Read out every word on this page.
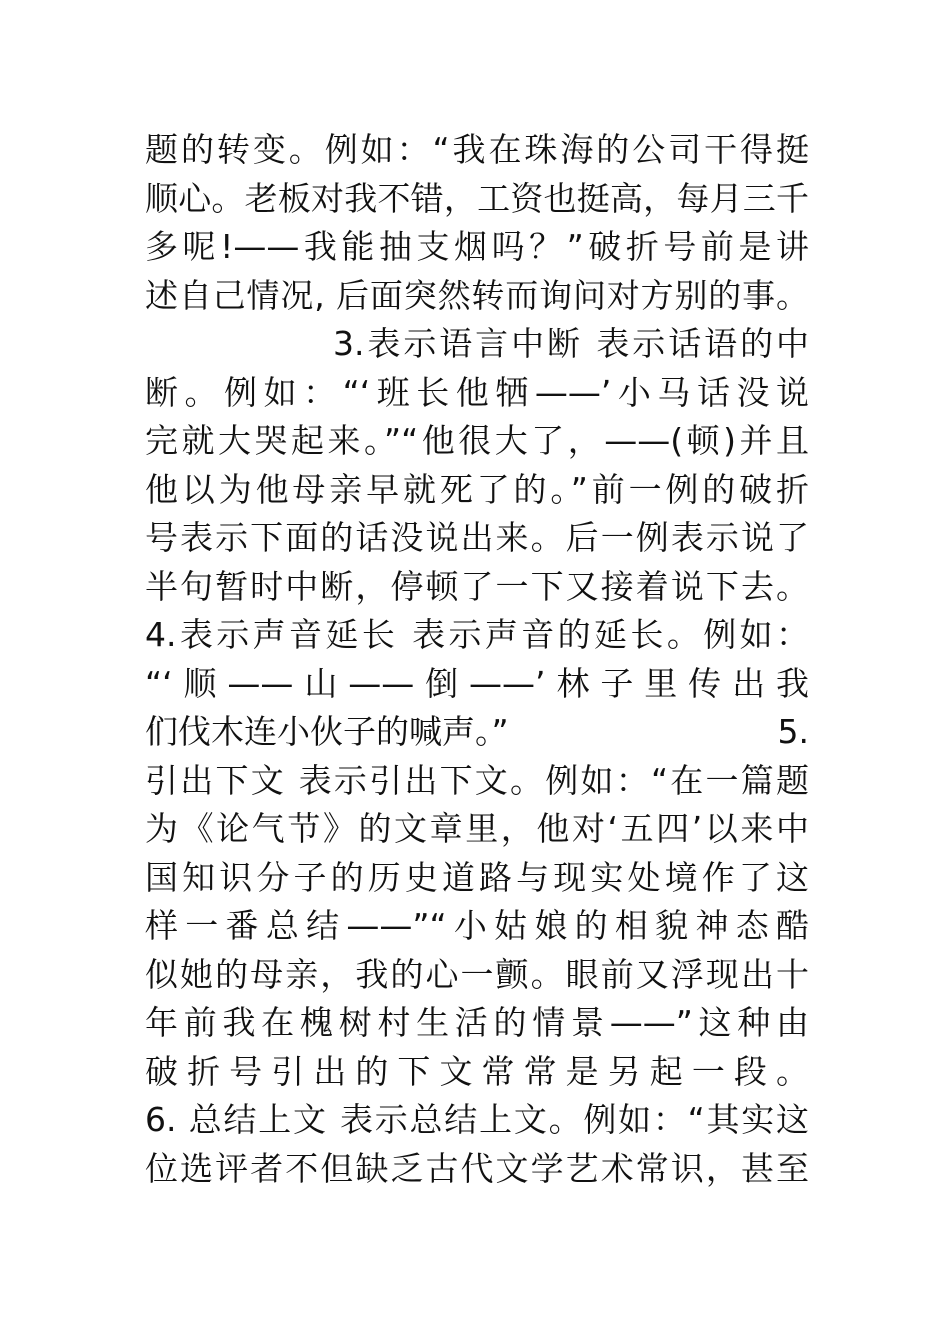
题的转变。例如：“我在珠海的公司干得挺
顺心。老板对我不错，工资也挺高，每月三千
多呢!——我能抽支烟吗？”破折号前是讲
述自己情况, 后面突然转而询问对方别的事。
3.表示语言中断 表示话语的中
断。例如：“‘班长他牺——’小马话没说
完就大哭起来。”“他很大了，——(顿)并且
他以为他母亲早就死了的。”前一例的破折
号表示下面的话没说出来。后一例表示说了
半句暂时中断，停顿了一下又接着说下去。
4.表示声音延长 表示声音的延长。例如：
“‘顺——山——倒——’林子里传出我
们伐木连小伙子的喊声。”	5.
引出下文 表示引出下文。例如：“在一篇题
为《论气节》的文章里，他对‘五四’以来中
国知识分子的历史道路与现实处境作了这
样一番总结——”“小姑娘的相貌神态酷
似她的母亲，我的心一颤。眼前又浮现出十
年前我在槐树村生活的情景——”这种由
破折号引出的下文常常是另起一段。
6. 总结上文 表示总结上文。例如：“其实这
位选评者不但缺乏古代文学艺术常识，甚至
